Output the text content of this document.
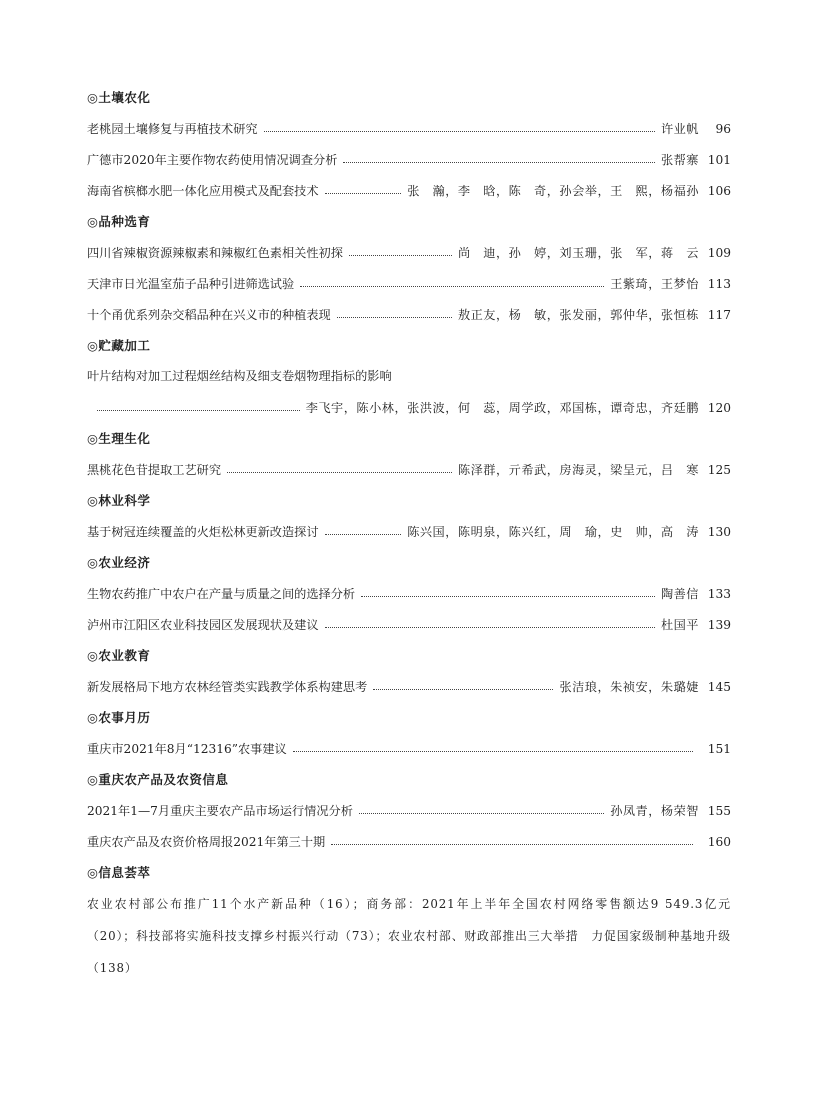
◎土壤农化
老桃园土壤修复与再植技术研究	许业帆	96
广德市2020年主要作物农药使用情况调查分析	张帮寨 101
海南省槟榔水肥一体化应用模式及配套技术	张　瀚，李　晗，陈　奇，孙会举，王　熙，杨福孙 106
◎品种选育
四川省辣椒资源辣椒素和辣椒红色素相关性初探	尚　迪，孙　婷，刘玉珊，张　军，蒋　云 109
天津市日光温室茄子品种引进筛选试验	王紫琦，王梦怡 113
十个甬优系列杂交稻品种在兴义市的种植表现	敖正友，杨　敏，张发丽，郭仲华，张恒栋 117
◎贮藏加工
叶片结构对加工过程烟丝结构及细支卷烟物理指标的影响
李飞宇，陈小林，张洪波，何　蕊，周学政，邓国栋，谭奇忠，齐廷鹏 120
◎生理生化
黑桃花色苷提取工艺研究	陈泽群，亓希武，房海灵，梁呈元，吕　寒 125
◎林业科学
基于树冠连续覆盖的火炬松林更新改造探讨	陈兴国，陈明泉，陈兴红，周　瑜，史　帅，高　涛 130
◎农业经济
生物农药推广中农户在产量与质量之间的选择分析	陶善信 133
泸州市江阳区农业科技园区发展现状及建议	杜国平 139
◎农业教育
新发展格局下地方农林经管类实践教学体系构建思考	张洁琅，朱祯安，朱璐婕 145
◎农事月历
重庆市2021年8月“12316”农事建议	151
◎重庆农产品及农资信息
2021年1—7月重庆主要农产品市场运行情况分析	孙凤青，杨荣智 155
重庆农产品及农资价格周报2021年第三十期	160
◎信息荟萃

农业农村部公布推广11个水产新品种（16）；商务部：2021年上半年全国农村网络零售额达9 549.3亿元（20）；科技部将实施科技支撑乡村振兴行动（73）；农业农村部、财政部推出三大举措　力促国家级制种基地升级（138）
